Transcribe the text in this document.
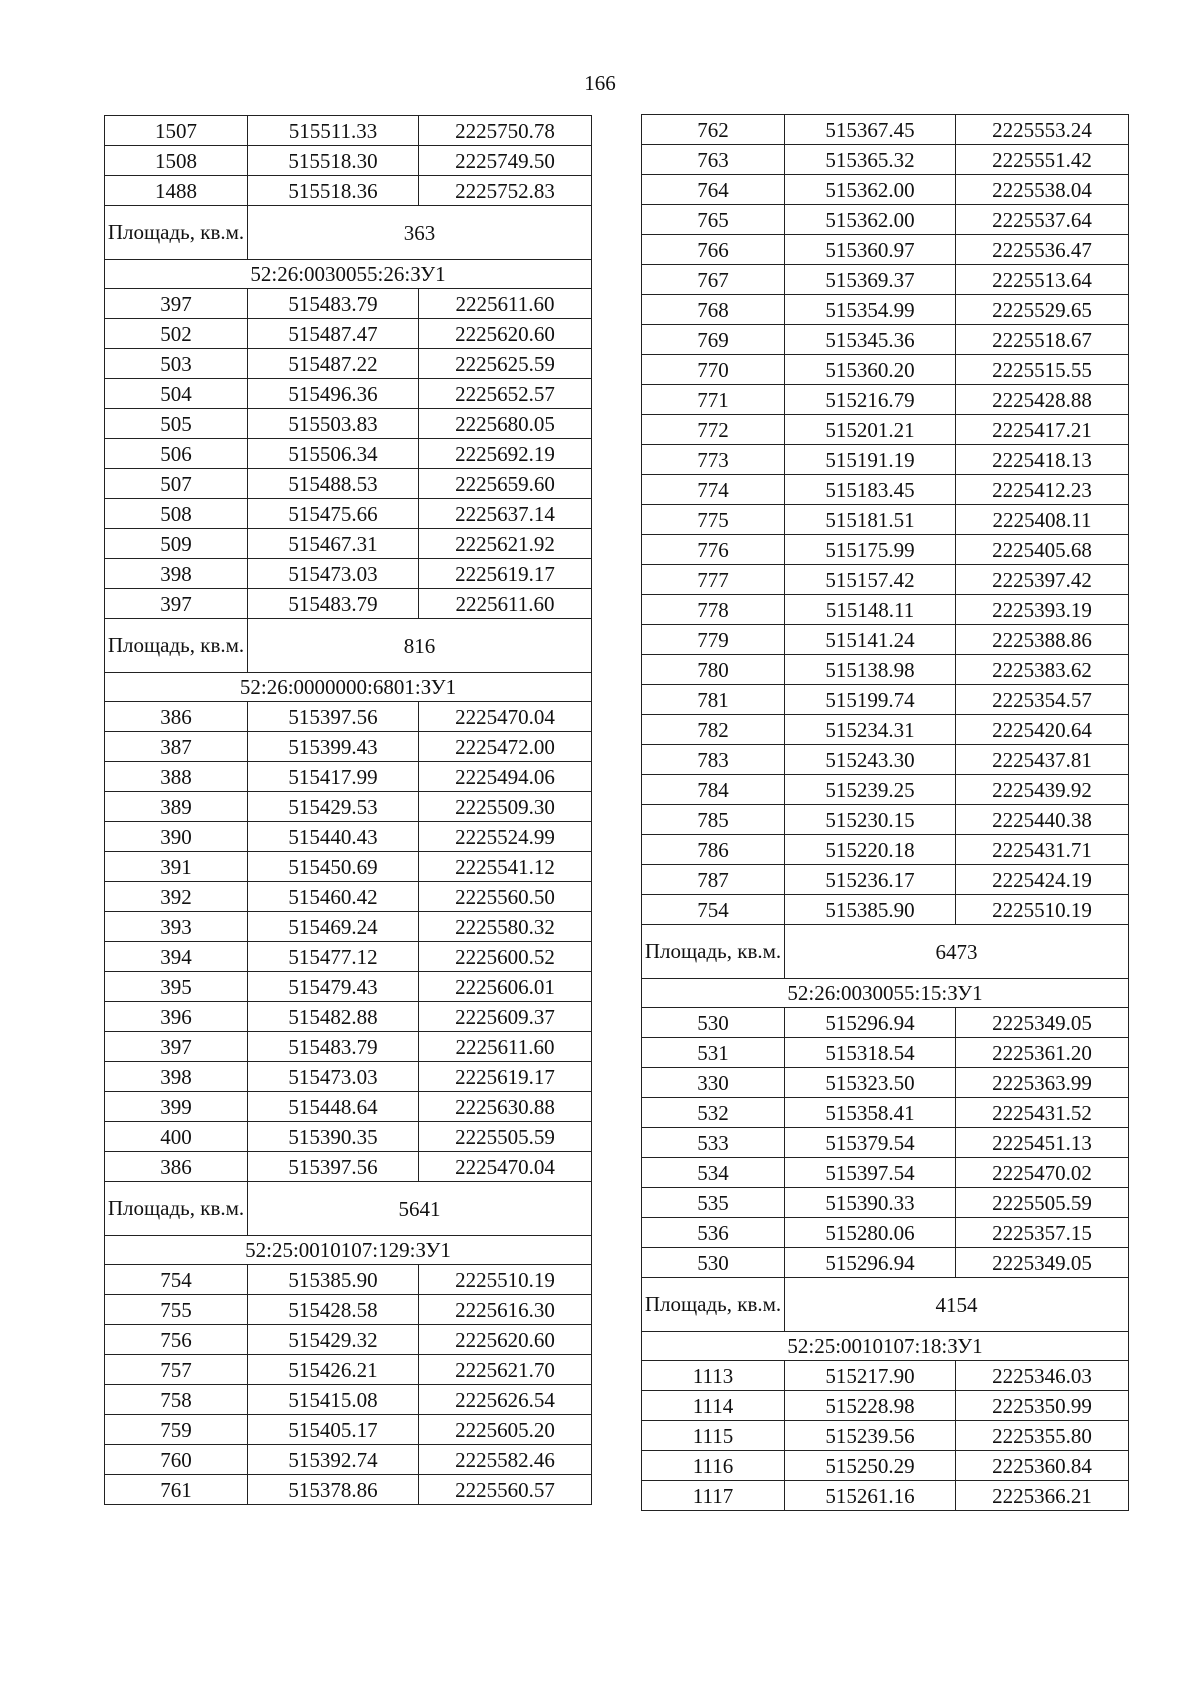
166
1507	515511.33	2225750.78
1508	515518.30	2225749.50
1488	515518.36	2225752.83
Площадь, кв.м.	363	
52:26:0030055:26:ЗУ1		
397	515483.79	2225611.60
502	515487.47	2225620.60
503	515487.22	2225625.59
504	515496.36	2225652.57
505	515503.83	2225680.05
506	515506.34	2225692.19
507	515488.53	2225659.60
508	515475.66	2225637.14
509	515467.31	2225621.92
398	515473.03	2225619.17
397	515483.79	2225611.60
Площадь, кв.м.	816	
52:26:0000000:6801:ЗУ1		
386	515397.56	2225470.04
387	515399.43	2225472.00
388	515417.99	2225494.06
389	515429.53	2225509.30
390	515440.43	2225524.99
391	515450.69	2225541.12
392	515460.42	2225560.50
393	515469.24	2225580.32
394	515477.12	2225600.52
395	515479.43	2225606.01
396	515482.88	2225609.37
397	515483.79	2225611.60
398	515473.03	2225619.17
399	515448.64	2225630.88
400	515390.35	2225505.59
386	515397.56	2225470.04
Площадь, кв.м.	5641	
52:25:0010107:129:ЗУ1		
754	515385.90	2225510.19
755	515428.58	2225616.30
756	515429.32	2225620.60
757	515426.21	2225621.70
758	515415.08	2225626.54
759	515405.17	2225605.20
760	515392.74	2225582.46
761	515378.86	2225560.57
762	515367.45	2225553.24
763	515365.32	2225551.42
764	515362.00	2225538.04
765	515362.00	2225537.64
766	515360.97	2225536.47
767	515369.37	2225513.64
768	515354.99	2225529.65
769	515345.36	2225518.67
770	515360.20	2225515.55
771	515216.79	2225428.88
772	515201.21	2225417.21
773	515191.19	2225418.13
774	515183.45	2225412.23
775	515181.51	2225408.11
776	515175.99	2225405.68
777	515157.42	2225397.42
778	515148.11	2225393.19
779	515141.24	2225388.86
780	515138.98	2225383.62
781	515199.74	2225354.57
782	515234.31	2225420.64
783	515243.30	2225437.81
784	515239.25	2225439.92
785	515230.15	2225440.38
786	515220.18	2225431.71
787	515236.17	2225424.19
754	515385.90	2225510.19
Площадь, кв.м.	6473	
52:26:0030055:15:ЗУ1		
530	515296.94	2225349.05
531	515318.54	2225361.20
330	515323.50	2225363.99
532	515358.41	2225431.52
533	515379.54	2225451.13
534	515397.54	2225470.02
535	515390.33	2225505.59
536	515280.06	2225357.15
530	515296.94	2225349.05
Площадь, кв.м.	4154	
52:25:0010107:18:ЗУ1		
1113	515217.90	2225346.03
1114	515228.98	2225350.99
1115	515239.56	2225355.80
1116	515250.29	2225360.84
1117	515261.16	2225366.21
